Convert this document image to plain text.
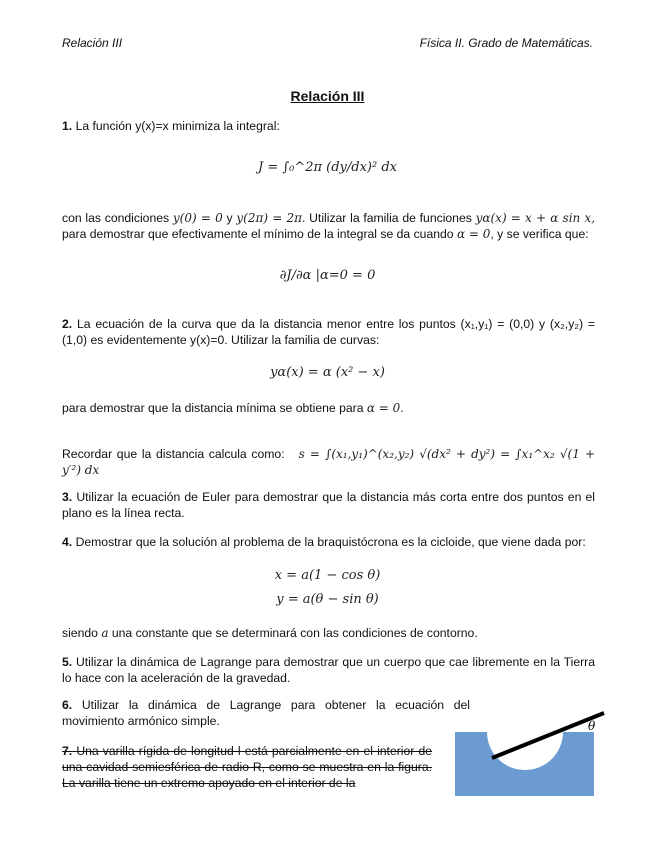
Relación III	Física II. Grado de Matemáticas.
Relación III
1. La función y(x)=x minimiza la integral:
J = ∫₀^2π (dy/dx)² dx
con las condiciones y(0) = 0 y y(2π) = 2π. Utilizar la familia de funciones yα(x) = x + α sin x, para demostrar que efectivamente el mínimo de la integral se da cuando α = 0, y se verifica que:
∂J/∂α |α=0 = 0
2. La ecuación de la curva que da la distancia menor entre los puntos (x₁,y₁) = (0,0) y (x₂,y₂) = (1,0) es evidentemente y(x)=0. Utilizar la familia de curvas:
yα(x) = α (x² − x)
para demostrar que la distancia mínima se obtiene para α = 0.
Recordar que la distancia calcula como: s = ∫(x₁,y₁)^(x₂,y₂) √(dx² + dy²) = ∫x₁^x₂ √(1 + y′²) dx
3. Utilizar la ecuación de Euler para demostrar que la distancia más corta entre dos puntos en el plano es la línea recta.
4. Demostrar que la solución al problema de la braquistócrona es la cicloide, que viene dada por:
x = a(1 − cos θ)
y = a(θ − sin θ)
siendo a una constante que se determinará con las condiciones de contorno.
5. Utilizar la dinámica de Lagrange para demostrar que un cuerpo que cae libremente en la Tierra lo hace con la aceleración de la gravedad.
6. Utilizar la dinámica de Lagrange para obtener la ecuación del movimiento armónico simple.
7. Una varilla rígida de longitud l está parcialmente en el interior de una cavidad semiesférica de radio R, como se muestra en la figura. La varilla tiene un extremo apoyado en el interior de la
θ
